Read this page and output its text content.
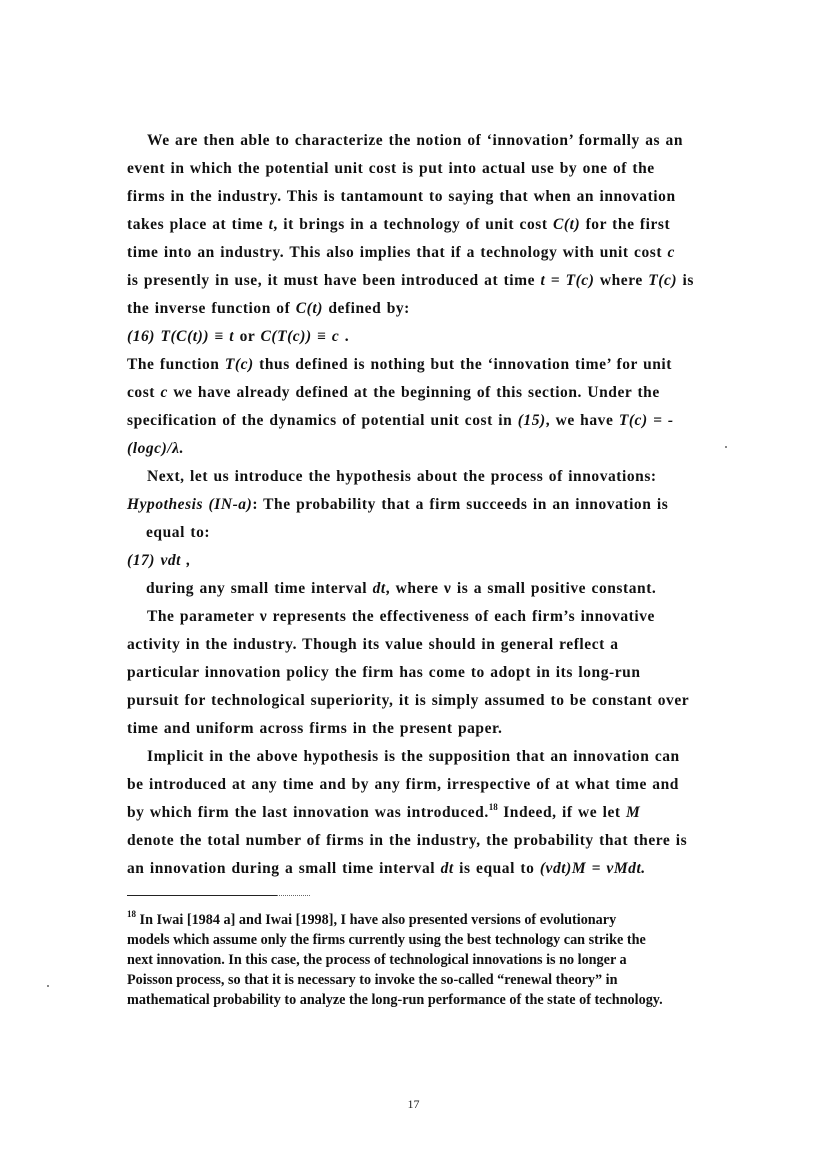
We are then able to characterize the notion of ‘innovation’ formally as an
event in which the potential unit cost is put into actual use by one of the
firms in the industry. This is tantamount to saying that when an innovation
takes place at time t, it brings in a technology of unit cost C(t) for the first
time into an industry. This also implies that if a technology with unit cost c
is presently in use, it must have been introduced at time t = T(c) where T(c) is
the inverse function of C(t) defined by:
(16) T(C(t)) ≡ t or C(T(c)) ≡ c .
The function T(c) thus defined is nothing but the ‘innovation time’ for unit
cost c we have already defined at the beginning of this section. Under the
specification of the dynamics of potential unit cost in (15), we have T(c) = -
(logc)/λ.
Next, let us introduce the hypothesis about the process of innovations:
Hypothesis (IN-a): The probability that a firm succeeds in an innovation is
equal to:
(17) vdt ,
during any small time interval dt, where ν is a small positive constant.
The parameter ν represents the effectiveness of each firm’s innovative
activity in the industry. Though its value should in general reflect a
particular innovation policy the firm has come to adopt in its long-run
pursuit for technological superiority, it is simply assumed to be constant over
time and uniform across firms in the present paper.
Implicit in the above hypothesis is the supposition that an innovation can
be introduced at any time and by any firm, irrespective of at what time and
by which firm the last innovation was introduced.$^{18}$ Indeed, if we let M
denote the total number of firms in the industry, the probability that there is
an innovation during a small time interval dt is equal to (vdt)M = vMdt.
$^{18}$ In Iwai [1984 a] and Iwai [1998], I have also presented versions of evolutionary
models which assume only the firms currently using the best technology can strike the
next innovation. In this case, the process of technological innovations is no longer a
Poisson process, so that it is necessary to invoke the so-called “renewal theory” in
mathematical probability to analyze the long-run performance of the state of technology.
17
